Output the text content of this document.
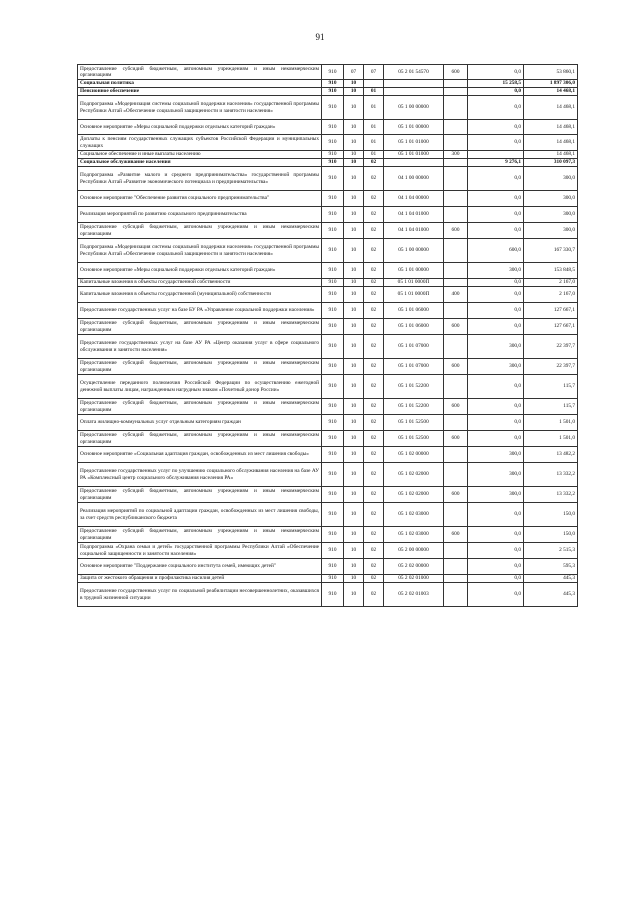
91
Предоставление субсидий бюджетным, автономным учреждениям и иным некоммерческим организациям	910	07	07	05 2 01 54570	600	0,0	53 860,1
Социальная политика	910	10				15 258,5	1 897 306,0
Пенсионное обеспечение	910	10	01			0,0	14 468,1
Подпрограмма «Модернизация системы социальной поддержки населения» государственной программы Республики Алтай «Обеспечение социальной защищенности и занятости населения»	910	10	01	05 1 00 00000		0,0	14 468,1
Основное мероприятие «Меры социальной поддержки отдельных категорий граждан»	910	10	01	05 1 01 00000		0,0	14 468,1
Доплаты к пенсиям государственных служащих субъектов Российской Федерации и муниципальных служащих	910	10	01	05 1 01 01000		0,0	14 468,1
Социальное обеспечение и иные выплаты населению	910	10	01	05 1 01 01000	300		14 468,1
Социальное обслуживание населения	910	10	02			9 276,1	310 097,3
Подпрограмма «Развитие малого и среднего предпринимательства» государственной программы Республики Алтай «Развитие экономического потенциала и предпринимательства»	910	10	02	04 1 00 00000		0,0	300,0
Основное мероприятие "Обеспечение развития социального предпринимательства"	910	10	02	04 1 04 00000		0,0	300,0
Реализация мероприятий по развитию социального предпринимательства	910	10	02	04 1 04 01000		0,0	300,0
Предоставление субсидий бюджетным, автономным учреждениям и иным некоммерческим организациям	910	10	02	04 1 04 01000	600	0,0	300,0
Подпрограмма «Модернизация системы социальной поддержки населения» государственной программы Республики Алтай «Обеспечение социальной защищенности и занятости населения»	910	10	02	05 1 00 00000		600,0	167 330,7
Основное мероприятие «Меры социальной поддержки отдельных категорий граждан»	910	10	02	05 1 01 00000		300,0	153 848,5
Капитальные вложения в объекты государственной собственности	910	10	02	05 1 01 0000П		0,0	2 167,0
Капитальные вложения в объекты государственной (муниципальной) собственности	910	10	02	05 1 01 0000П	400	0,0	2 167,0
Предоставление государственных услуг на базе БУ РА «Управление социальной поддержки населения»	910	10	02	05 1 01 06000		0,0	127 667,1
Предоставление субсидий бюджетным, автономным учреждениям и иным некоммерческим организациям	910	10	02	05 1 01 06000	600	0,0	127 667,1
Предоставление государственных услуг на базе АУ РА «Центр оказания услуг в сфере социального обслуживания и занятости населения»	910	10	02	05 1 01 07000		300,0	22 397,7
Предоставление субсидий бюджетным, автономным учреждениям и иным некоммерческим организациям	910	10	02	05 1 01 07000	600	300,0	22 397,7
Осуществление переданного полномочия Российской Федерации по осуществлению ежегодной денежной выплаты лицам, награжденным нагрудным знаком «Почетный донор России»	910	10	02	05 1 01 52200		0,0	115,7
Предоставление субсидий бюджетным, автономным учреждениям и иным некоммерческим организациям	910	10	02	05 1 01 52200	600	0,0	115,7
Оплата жилищно-коммунальных услуг отдельным категориям граждан	910	10	02	05 1 01 52500		0,0	1 501,0
Предоставление субсидий бюджетным, автономным учреждениям и иным некоммерческим организациям	910	10	02	05 1 01 52500	600	0,0	1 501,0
Основное мероприятие «Социальная адаптация граждан, освобожденных из мест лишения свободы»	910	10	02	05 1 02 00000		300,0	13 482,2
Предоставление государственных услуг по улучшению социального обслуживания населения на базе АУ РА «Комплексный центр социального обслуживания населения РА»	910	10	02	05 1 02 02000		300,0	13 332,2
Предоставление субсидий бюджетным, автономным учреждениям и иным некоммерческим организациям	910	10	02	05 1 02 02000	600	300,0	13 332,2
Реализация мероприятий по социальной адаптации граждан, освобожденных из мест лишения свободы, за счет средств республиканского бюджета	910	10	02	05 1 02 03000		0,0	150,0
Предоставление субсидий бюджетным, автономным учреждениям и иным некоммерческим организациям	910	10	02	05 1 02 03000	600	0,0	150,0
Подпрограмма «Охрана семьи и детей» государственной программы Республики Алтай «Обеспечение социальной защищенности и занятости населения»	910	10	02	05 2 00 00000		0,0	2 515,3
Основное мероприятие "Поддержание социального института семей, имеющих детей"	910	10	02	05 2 02 00000		0,0	595,3
Защита от жестокого обращения и профилактика насилия детей	910	10	02	05 2 02 01000		0,0	445,3
Предоставление государственных услуг по социальной реабилитации несовершеннолетних, оказавшихся в трудной жизненной ситуации	910	10	02	05 2 02 01003		0,0	445,3
